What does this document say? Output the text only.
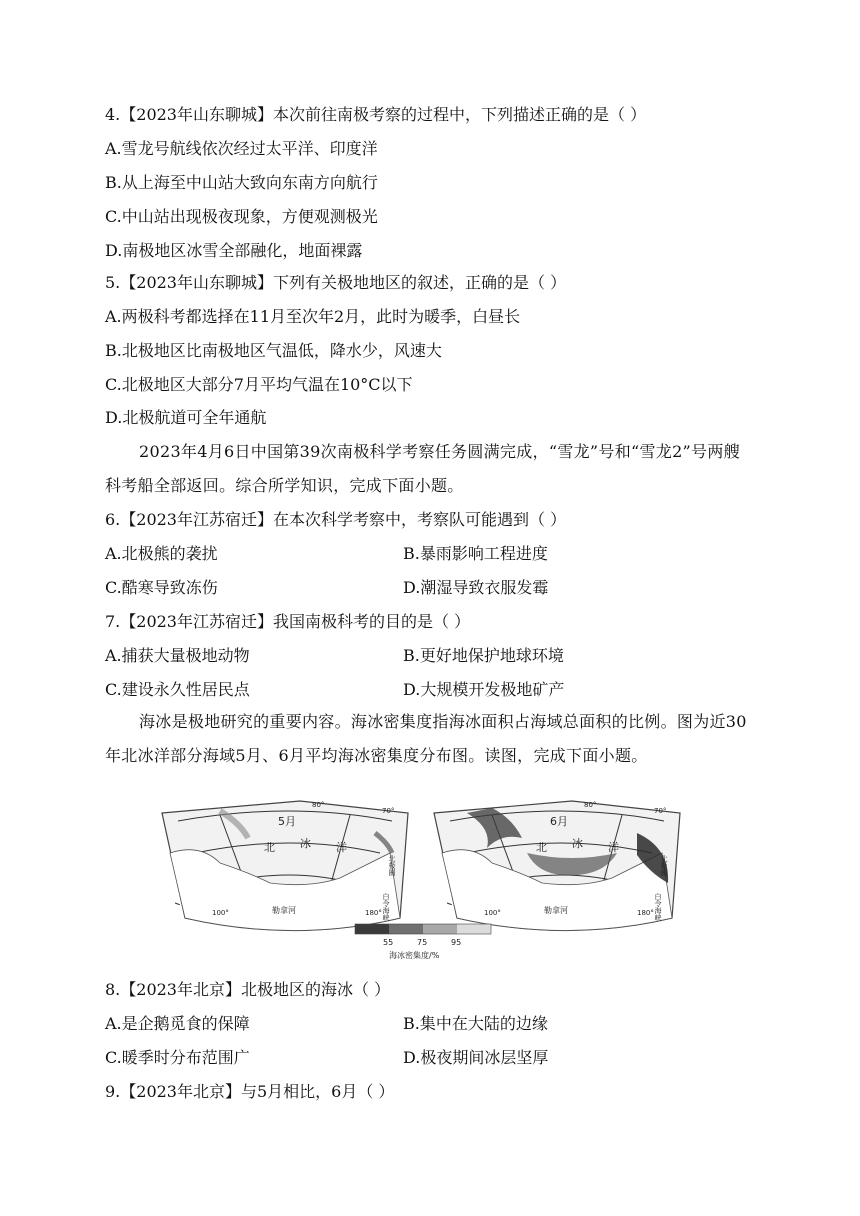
4.【2023年山东聊城】本次前往南极考察的过程中，下列描述正确的是（ ）
A.雪龙号航线依次经过太平洋、印度洋
B.从上海至中山站大致向东南方向航行
C.中山站出现极夜现象，方便观测极光
D.南极地区冰雪全部融化，地面裸露
5.【2023年山东聊城】下列有关极地地区的叙述，正确的是（ ）
A.两极科考都选择在11月至次年2月，此时为暖季，白昼长
B.北极地区比南极地区气温低，降水少，风速大
C.北极地区大部分7月平均气温在10°C以下
D.北极航道可全年通航
2023年4月6日中国第39次南极科学考察任务圆满完成，“雪龙”号和“雪龙2”号两艘科考船全部返回。综合所学知识，完成下面小题。
6.【2023年江苏宿迁】在本次科学考察中，考察队可能遇到（ ）
A.北极熊的袭扰	B.暴雨影响工程进度
C.酷寒导致冻伤	D.潮湿导致衣服发霉
7.【2023年江苏宿迁】我国南极科考的目的是（ ）
A.捕获大量极地动物	B.更好地保护地球环境
C.建设永久性居民点	D.大规模开发极地矿产
海冰是极地研究的重要内容。海冰密集度指海冰面积占海域总面积的比例。图为近30年北冰洋部分海域5月、6月平均海冰密集度分布图。读图，完成下面小题。
5月
北 冰 洋
80°
70°
100°	180°
北极圈
白令海峡
勒拿河
6月
北 冰 洋
80°
70°
100°	180°
北极圈
白令海峡
勒拿河
55	75	95
海冰密集度/%
8.【2023年北京】北极地区的海冰（ ）
A.是企鹅觅食的保障	B.集中在大陆的边缘
C.暖季时分布范围广	D.极夜期间冰层坚厚
9.【2023年北京】与5月相比，6月（ ）
